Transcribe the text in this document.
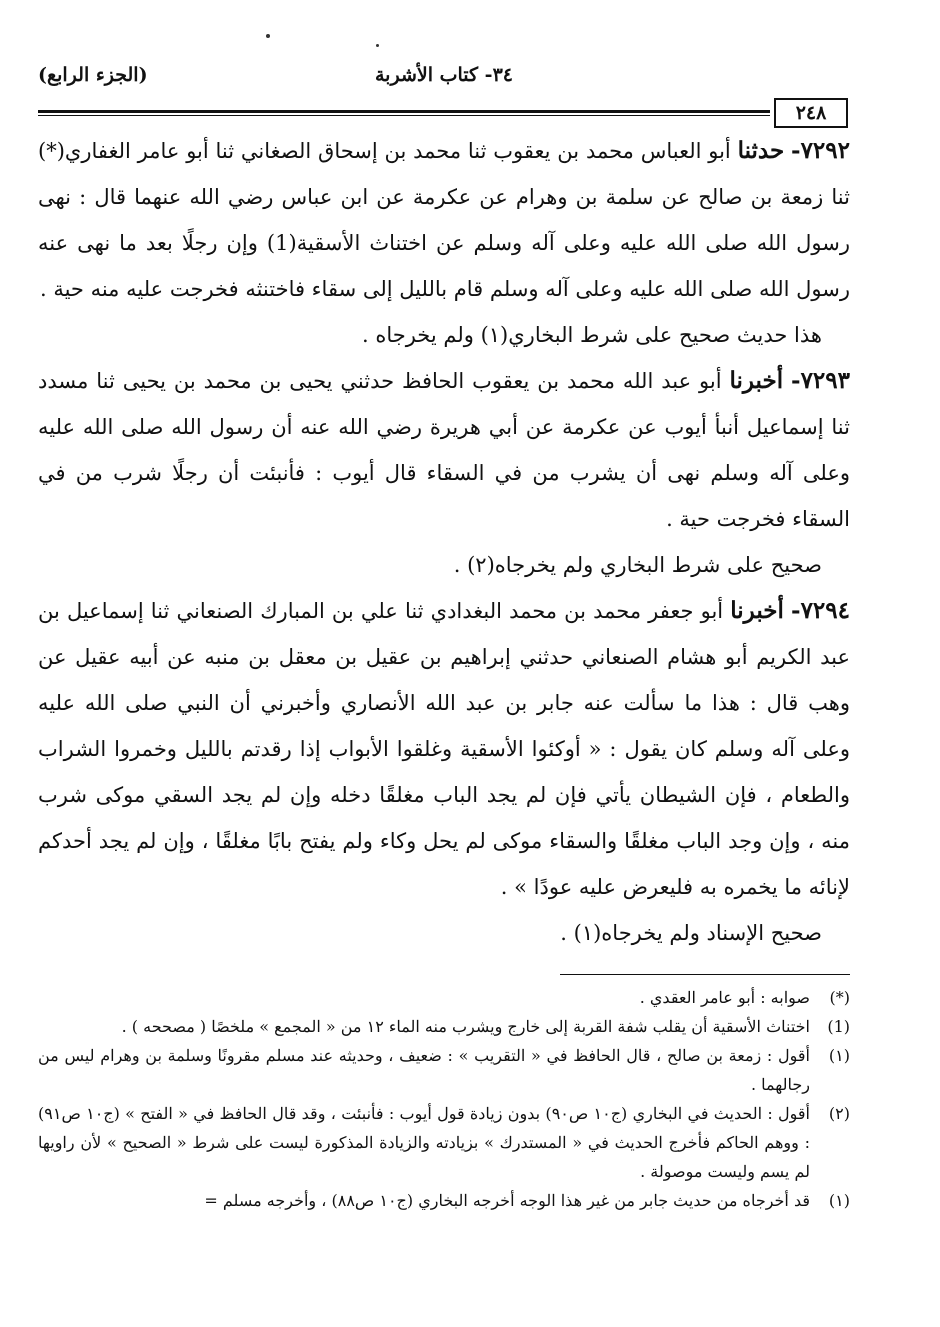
٣٤- كتاب الأشربة
(الجزء الرابع)
٢٤٨

٧٢٩٢- حدثنا أبو العباس محمد بن يعقوب ثنا محمد بن إسحاق الصغاني ثنا أبو عامر الغفاري(*) ثنا زمعة بن صالح عن سلمة بن وهرام عن عكرمة عن ابن عباس رضي الله عنهما قال : نهى رسول الله صلى الله عليه وعلى آله وسلم عن اختناث الأسقية(1) وإن رجلًا بعد ما نهى عنه رسول الله صلى الله عليه وعلى آله وسلم قام بالليل إلى سقاء فاختنثه فخرجت عليه منه حية .

هذا حديث صحيح على شرط البخاري(١) ولم يخرجاه .

٧٢٩٣- أخبرنا أبو عبد الله محمد بن يعقوب الحافظ حدثني يحيى بن محمد بن يحيى ثنا مسدد ثنا إسماعيل أنبأ أيوب عن عكرمة عن أبي هريرة رضي الله عنه أن رسول الله صلى الله عليه وعلى آله وسلم نهى أن يشرب من في السقاء قال أيوب : فأنبئت أن رجلًا شرب من في السقاء فخرجت حية .

صحيح على شرط البخاري ولم يخرجاه(٢) .

٧٢٩٤- أخبرنا أبو جعفر محمد بن محمد البغدادي ثنا علي بن المبارك الصنعاني ثنا إسماعيل بن عبد الكريم أبو هشام الصنعاني حدثني إبراهيم بن عقيل بن معقل بن منبه عن أبيه عقيل عن وهب قال : هذا ما سألت عنه جابر بن عبد الله الأنصاري وأخبرني أن النبي صلى الله عليه وعلى آله وسلم كان يقول : « أوكئوا الأسقية وغلقوا الأبواب إذا رقدتم بالليل وخمروا الشراب والطعام ، فإن الشيطان يأتي فإن لم يجد الباب مغلقًا دخله وإن لم يجد السقي موكى شرب منه ، وإن وجد الباب مغلقًا والسقاء موكى لم يحل وكاء ولم يفتح بابًا مغلقًا ، وإن لم يجد أحدكم لإنائه ما يخمره به فليعرض عليه عودًا » .

صحيح الإسناد ولم يخرجاه(١) .

(*)
صوابه : أبو عامر العقدي .

(1)
اختناث الأسقية أن يقلب شفة القربة إلى خارج ويشرب منه الماء ١٢ من « المجمع » ملخصًا ( مصححه ) .

(١)
أقول : زمعة بن صالح ، قال الحافظ في « التقريب » : ضعيف ، وحديثه عند مسلم مقرونًا وسلمة بن وهرام ليس من رجالهما .

(٢)
أقول : الحديث في البخاري (ج١٠ ص٩٠) بدون زيادة قول أيوب : فأنبئت ، وقد قال الحافظ في « الفتح » (ج١٠ ص٩١) : ووهم الحاكم فأخرج الحديث في « المستدرك » بزيادته والزيادة المذكورة ليست على شرط « الصحيح » لأن راويها لم يسم وليست موصولة .

(١)
قد أخرجاه من حديث جابر من غير هذا الوجه أخرجه البخاري (ج١٠ ص٨٨) ، وأخرجه مسلم =
